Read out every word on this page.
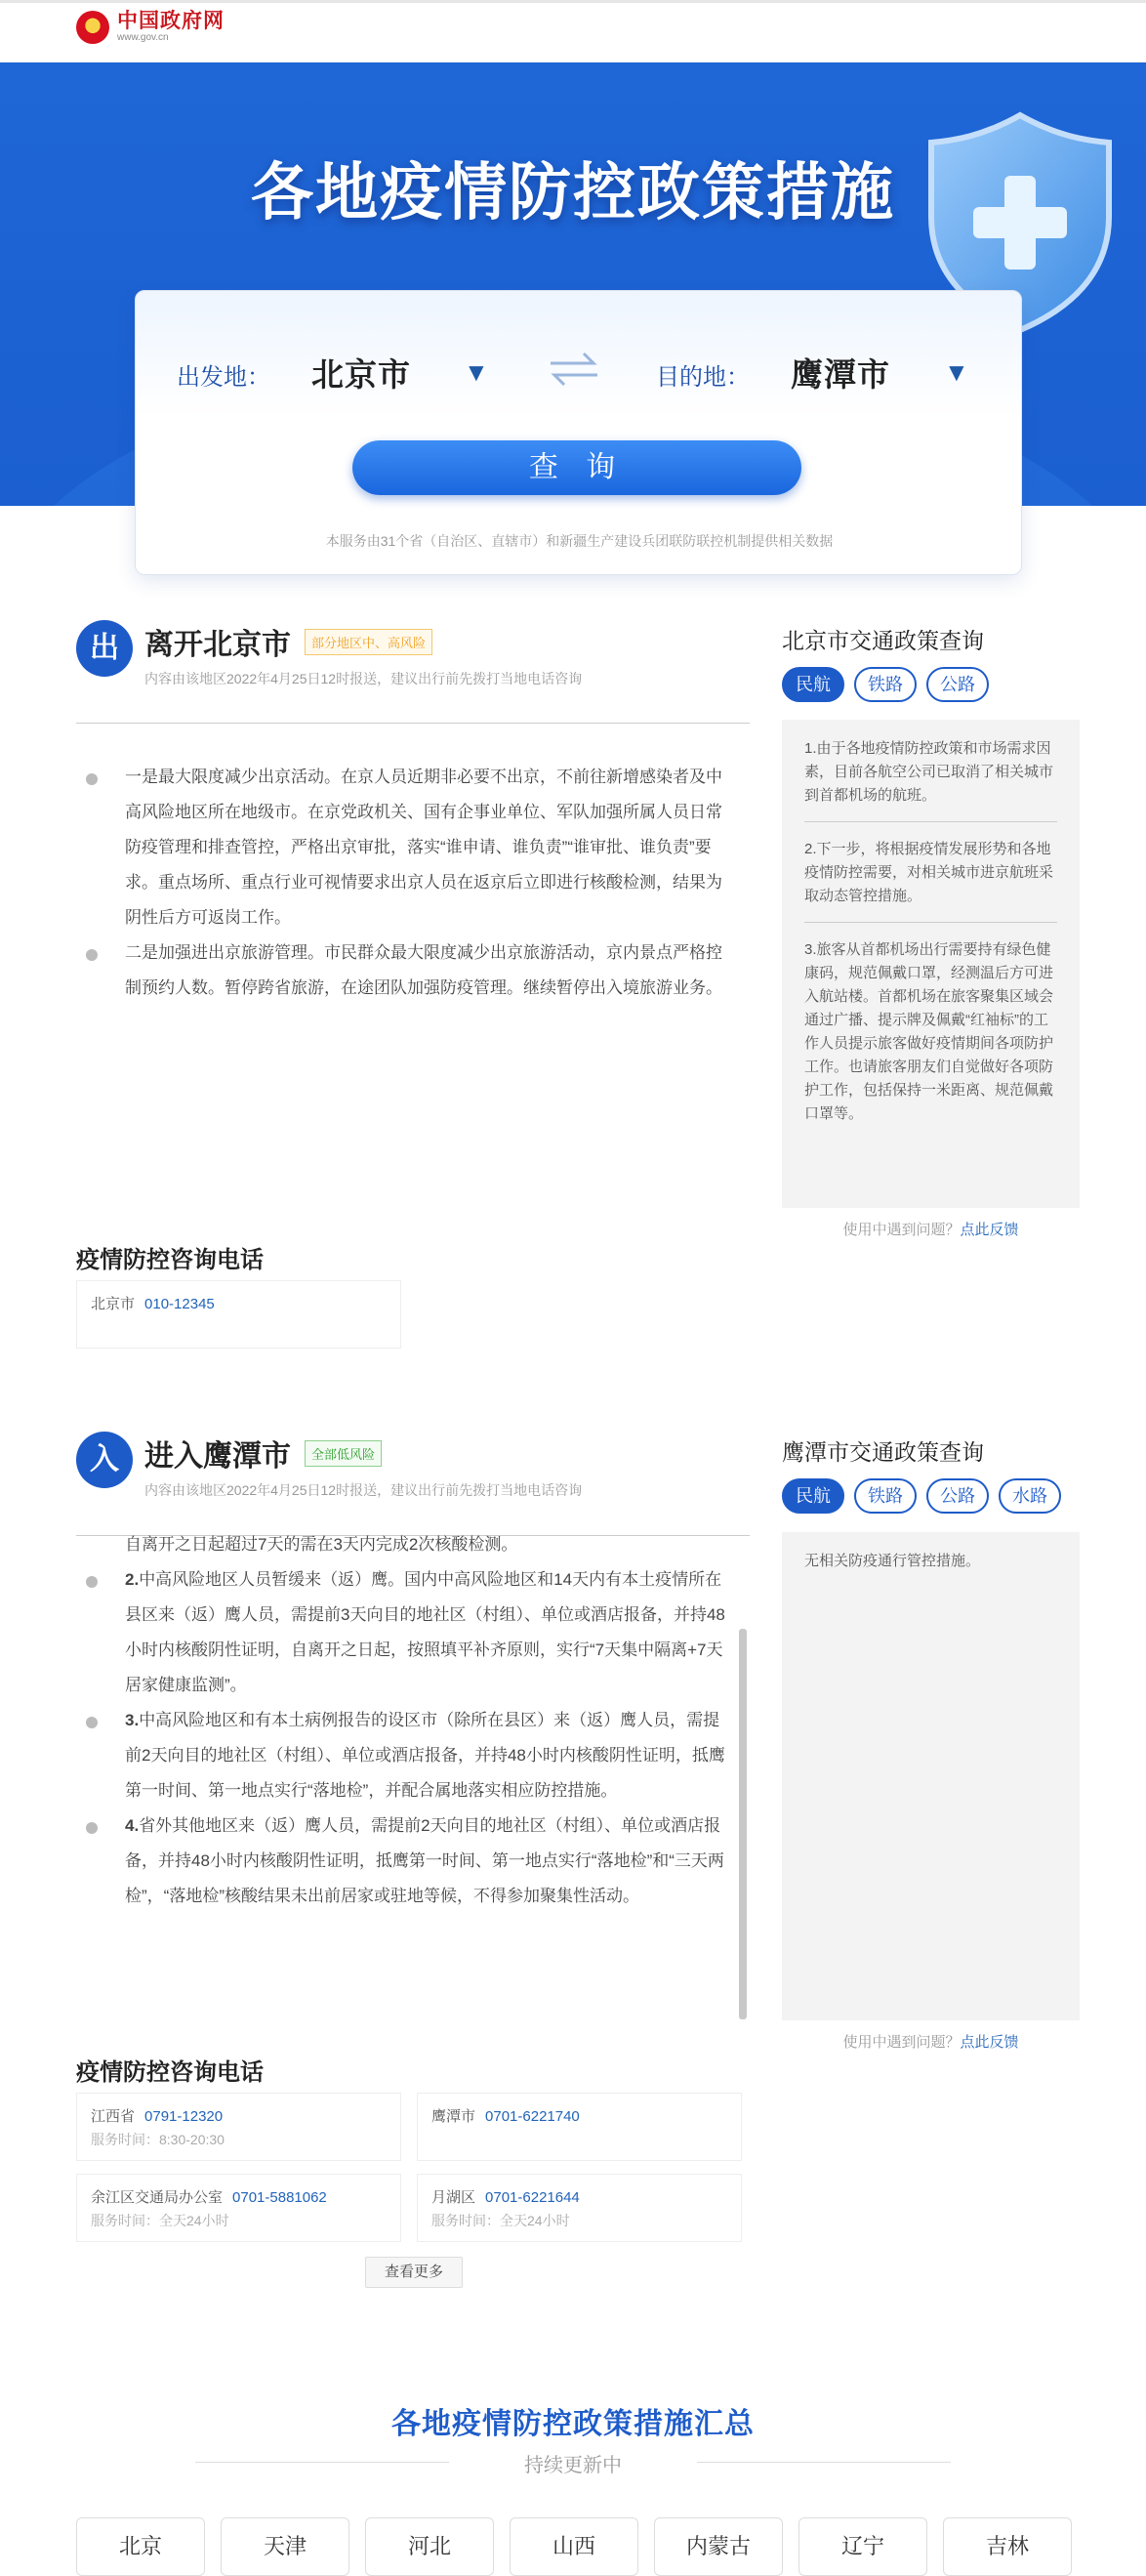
中国政府网
www.gov.cn
各地疫情防控政策措施
出发地： 北京市 ▼	目的地： 鹰潭市 ▼
查 询
本服务由31个省（自治区、直辖市）和新疆生产建设兵团联防联控机制提供相关数据
出 离开北京市	部分地区中、高风险
内容由该地区2022年4月25日12时报送，建议出行前先拨打当地电话咨询
一是最大限度减少出京活动。在京人员近期非必要不出京，不前往新增感染者及中高风险地区所在地级市。在京党政机关、国有企事业单位、军队加强所属人员日常防疫管理和排查管控，严格出京审批，落实“谁申请、谁负责”“谁审批、谁负责”要求。重点场所、重点行业可视情要求出京人员在返京后立即进行核酸检测，结果为阴性后方可返岗工作。
二是加强进出京旅游管理。市民群众最大限度减少出京旅游活动，京内景点严格控制预约人数。暂停跨省旅游，在途团队加强防疫管理。继续暂停出入境旅游业务。
疫情防控咨询电话
北京市 010-12345
入 进入鹰潭市	全部低风险
内容由该地区2022年4月25日12时报送，建议出行前先拨打当地电话咨询
自离开之日起超过7天的需在3天内完成2次核酸检测。
2.中高风险地区人员暂缓来（返）鹰。国内中高风险地区和14天内有本土疫情所在县区来（返）鹰人员，需提前3天向目的地社区（村组）、单位或酒店报备，并持48小时内核酸阴性证明，自离开之日起，按照填平补齐原则，实行“7天集中隔离+7天居家健康监测”。
3.中高风险地区和有本土病例报告的设区市（除所在县区）来（返）鹰人员，需提前2天向目的地社区（村组）、单位或酒店报备，并持48小时内核酸阴性证明，抵鹰第一时间、第一地点实行“落地检”，并配合属地落实相应防控措施。
4.省外其他地区来（返）鹰人员，需提前2天向目的地社区（村组）、单位或酒店报备，并持48小时内核酸阴性证明，抵鹰第一时间、第一地点实行“落地检”和“三天两检”，“落地检”核酸结果未出前居家或驻地等候，不得参加聚集性活动。
疫情防控咨询电话
江西省 0791-12320
服务时间：8:30-20:30
鹰潭市 0701-6221740
余江区交通局办公室 0701-5881062
服务时间：全天24小时
月湖区 0701-6221644
服务时间：全天24小时
查看更多
北京市交通政策查询
民航	铁路	公路
1.由于各地疫情防控政策和市场需求因素，目前各航空公司已取消了相关城市到首都机场的航班。
2.下一步，将根据疫情发展形势和各地疫情防控需要，对相关城市进京航班采取动态管控措施。
3.旅客从首都机场出行需要持有绿色健康码，规范佩戴口罩，经测温后方可进入航站楼。首都机场在旅客聚集区域会通过广播、提示牌及佩戴“红袖标”的工作人员提示旅客做好疫情期间各项防护工作。也请旅客朋友们自觉做好各项防护工作，包括保持一米距离、规范佩戴口罩等。
使用中遇到问题？点此反馈
鹰潭市交通政策查询
民航	铁路	公路	水路
无相关防疫通行管控措施。
使用中遇到问题？点此反馈
各地疫情防控政策措施汇总
持续更新中
北京	天津	河北	山西	内蒙古	辽宁	吉林
